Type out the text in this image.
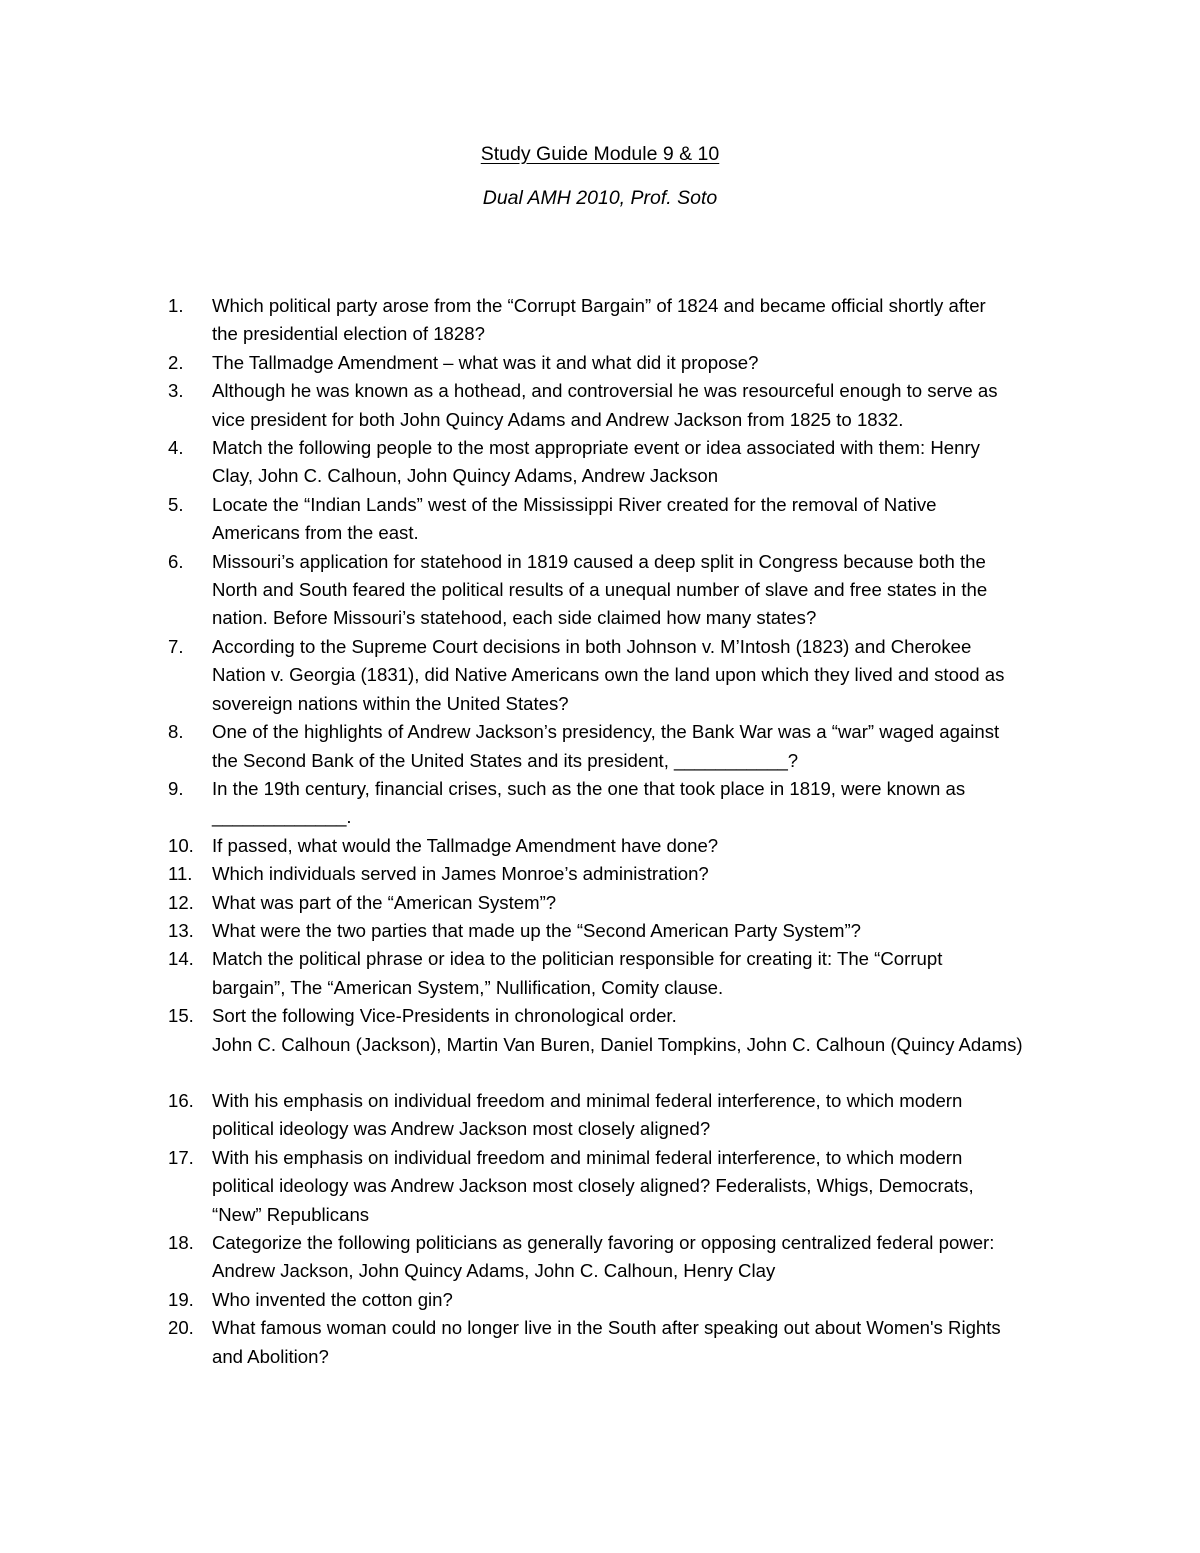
Study Guide Module 9 & 10
Dual AMH 2010, Prof. Soto
1.	Which political party arose from the “Corrupt Bargain” of 1824 and became official shortly after
the presidential election of 1828?
2.	The Tallmadge Amendment – what was it and what did it propose?
3.	Although he was known as a hothead, and controversial he was resourceful enough to serve as
vice president for both John Quincy Adams and Andrew Jackson from 1825 to 1832.
4.	Match the following people to the most appropriate event or idea associated with them: Henry
Clay, John C. Calhoun, John Quincy Adams, Andrew Jackson
5.	Locate the “Indian Lands” west of the Mississippi River created for the removal of Native
Americans from the east.
6.	Missouri’s application for statehood in 1819 caused a deep split in Congress because both the
North and South feared the political results of a unequal number of slave and free states in the
nation. Before Missouri’s statehood, each side claimed how many states?
7.	According to the Supreme Court decisions in both Johnson v. M’Intosh (1823) and Cherokee
Nation v. Georgia (1831), did Native Americans own the land upon which they lived and stood as
sovereign nations within the United States?
8.	One of the highlights of Andrew Jackson’s presidency, the Bank War was a “war” waged against
the Second Bank of the United States and its president, ___________?
9.	In the 19th century, financial crises, such as the one that took place in 1819, were known as
_____________.
10. If passed, what would the Tallmadge Amendment have done?
11.	Which individuals served in James Monroe’s administration?
12. What was part of the “American System”?
13. What were the two parties that made up the “Second American Party System”?
14. Match the political phrase or idea to the politician responsible for creating it: The “Corrupt
bargain”, The “American System,” Nullification, Comity clause.
15. Sort the following Vice-Presidents in chronological order.
John C. Calhoun (Jackson), Martin Van Buren, Daniel Tompkins, John C. Calhoun (Quincy Adams)
16. With his emphasis on individual freedom and minimal federal interference, to which modern
political ideology was Andrew Jackson most closely aligned?
17. With his emphasis on individual freedom and minimal federal interference, to which modern
political ideology was Andrew Jackson most closely aligned? Federalists, Whigs, Democrats,
“New” Republicans
18. Categorize the following politicians as generally favoring or opposing centralized federal power:
Andrew Jackson, John Quincy Adams, John C. Calhoun, Henry Clay
19. Who invented the cotton gin?
20. What famous woman could no longer live in the South after speaking out about Women's Rights
and Abolition?
